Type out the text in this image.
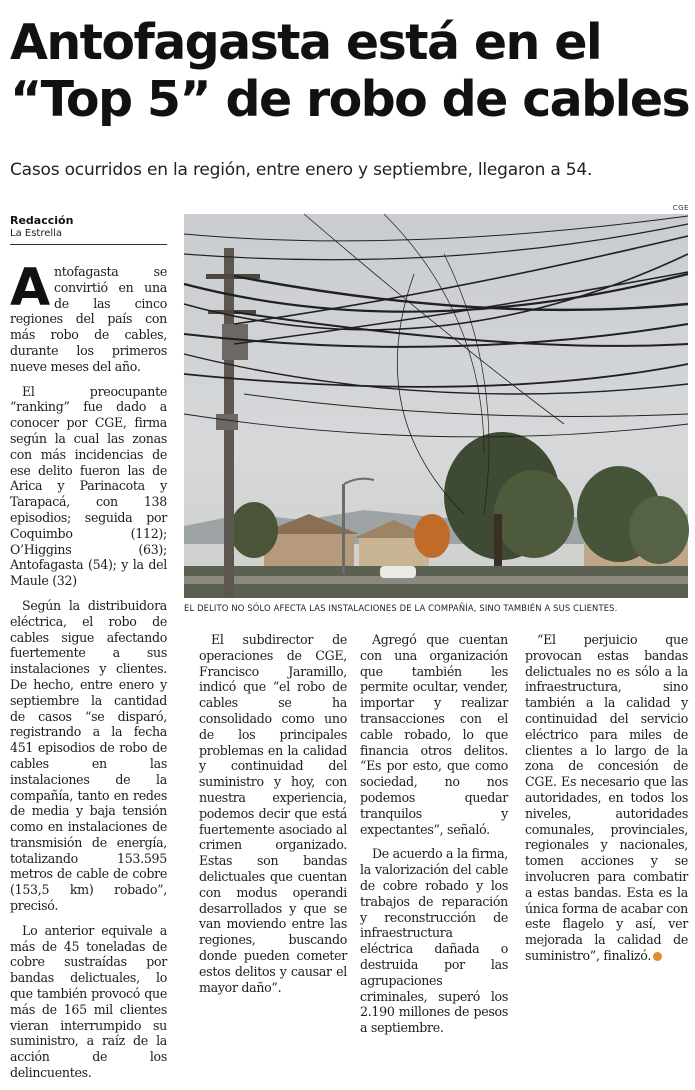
Antofagasta está en el
“Top 5” de robo de cables
Casos ocurridos en la región, entre enero y septiembre, llegaron a 54.
Redacción
La Estrella

Antofagasta se convirtió en una de las cinco regiones del país con más robo de cables, durante los primeros nueve meses del año.

El preocupante “ranking” fue dado a conocer por CGE, firma según la cual las zonas con más incidencias de ese delito fueron las de Arica y Parinacota y Tarapacá, con 138 episodios; seguida por Coquimbo (112); O’Higgins (63); Antofagasta (54); y la del Maule (32)

Según la distribuidora eléctrica, el robo de cables sigue afectando fuertemente a sus instalaciones y clientes. De hecho, entre enero y septiembre la cantidad de casos “se disparó, registrando a la fecha 451 episodios de robo de cables en las instalaciones de la compañía, tanto en redes de media y baja tensión como en instalaciones de transmisión de energía, totalizando 153.595 metros de cable de cobre (153,5 km) robado”, precisó.

Lo anterior equivale a más de 45 toneladas de cobre sustraídas por bandas delictuales, lo que también provocó que más de 165 mil clientes vieran interrumpido su suministro, a raíz de la acción de los delincuentes.

CGE
EL DELITO NO SÓLO AFECTA LAS INSTALACIONES DE LA COMPAÑÍA, SINO TAMBIÉN A SUS CLIENTES.

El subdirector de operaciones de CGE, Francisco Jaramillo, indicó que “el robo de cables se ha consolidado como uno de los principales problemas en la calidad y continuidad del suministro y hoy, con nuestra experiencia, podemos decir que está fuertemente asociado al crimen organizado. Estas son bandas delictuales que cuentan con modus operandi desarrollados y que se van moviendo entre las regiones, buscando donde pueden cometer estos delitos y causar el mayor daño”.

Agregó que cuentan con una organización que también les permite ocultar, vender, importar y realizar transacciones con el cable robado, lo que financia otros delitos. “Es por esto, que como sociedad, no nos podemos quedar tranquilos y expectantes”, señaló.

De acuerdo a la firma, la valorización del cable de cobre robado y los trabajos de reparación y reconstrucción de infraestructura eléctrica dañada o destruida por las agrupaciones criminales, superó los 2.190 millones de pesos a septiembre.

“El perjuicio que provocan estas bandas delictuales no es sólo a la infraestructura, sino también a la calidad y continuidad del servicio eléctrico para miles de clientes a lo largo de la zona de concesión de CGE. Es necesario que las autoridades, en todos los niveles, autoridades comunales, provinciales, regionales y nacionales, tomen acciones y se involucren para combatir a estas bandas. Esta es la única forma de acabar con este flagelo y así, ver mejorada la calidad de suministro”, finalizó.
